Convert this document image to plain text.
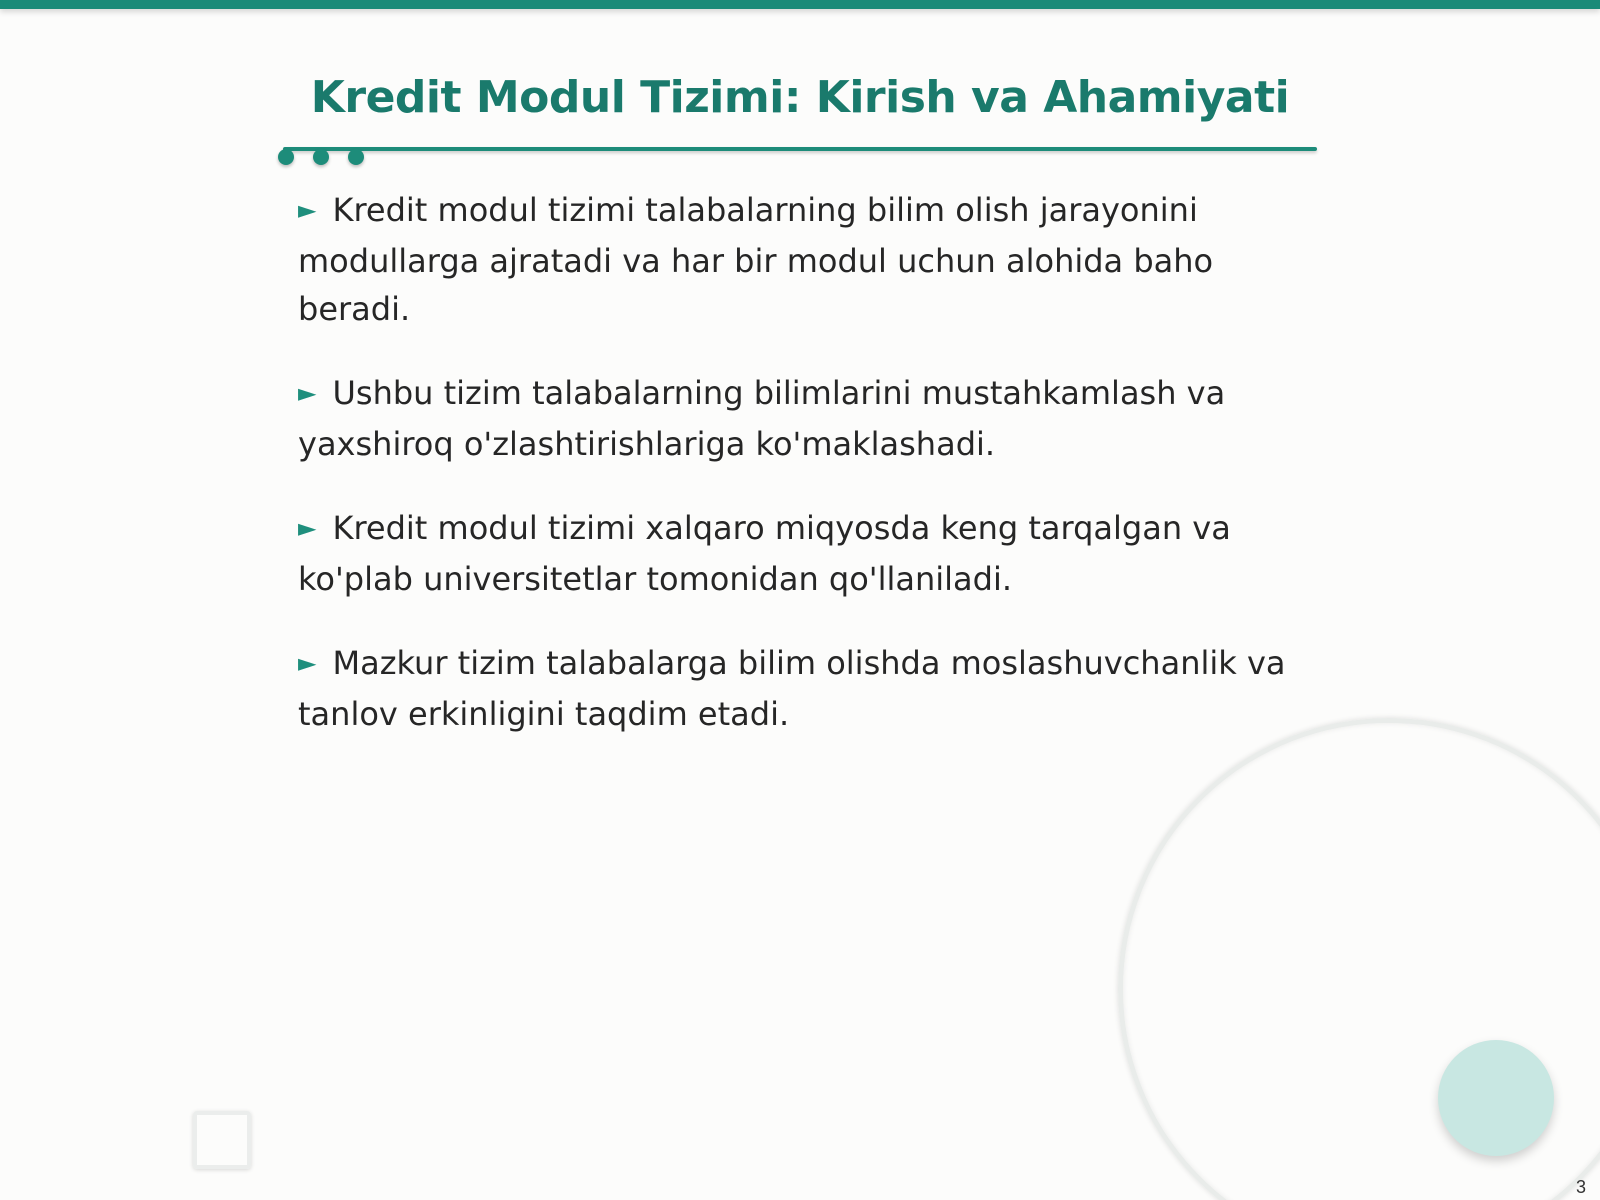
Kredit Modul Tizimi: Kirish va Ahamiyati
► Kredit modul tizimi talabalarning bilim olish jarayonini modullarga ajratadi va har bir modul uchun alohida baho beradi.
► Ushbu tizim talabalarning bilimlarini mustahkamlash va yaxshiroq o'zlashtirishlariga ko'maklashadi.
► Kredit modul tizimi xalqaro miqyosda keng tarqalgan va ko'plab universitetlar tomonidan qo'llaniladi.
► Mazkur tizim talabalarga bilim olishda moslashuvchanlik va tanlov erkinligini taqdim etadi.
3
